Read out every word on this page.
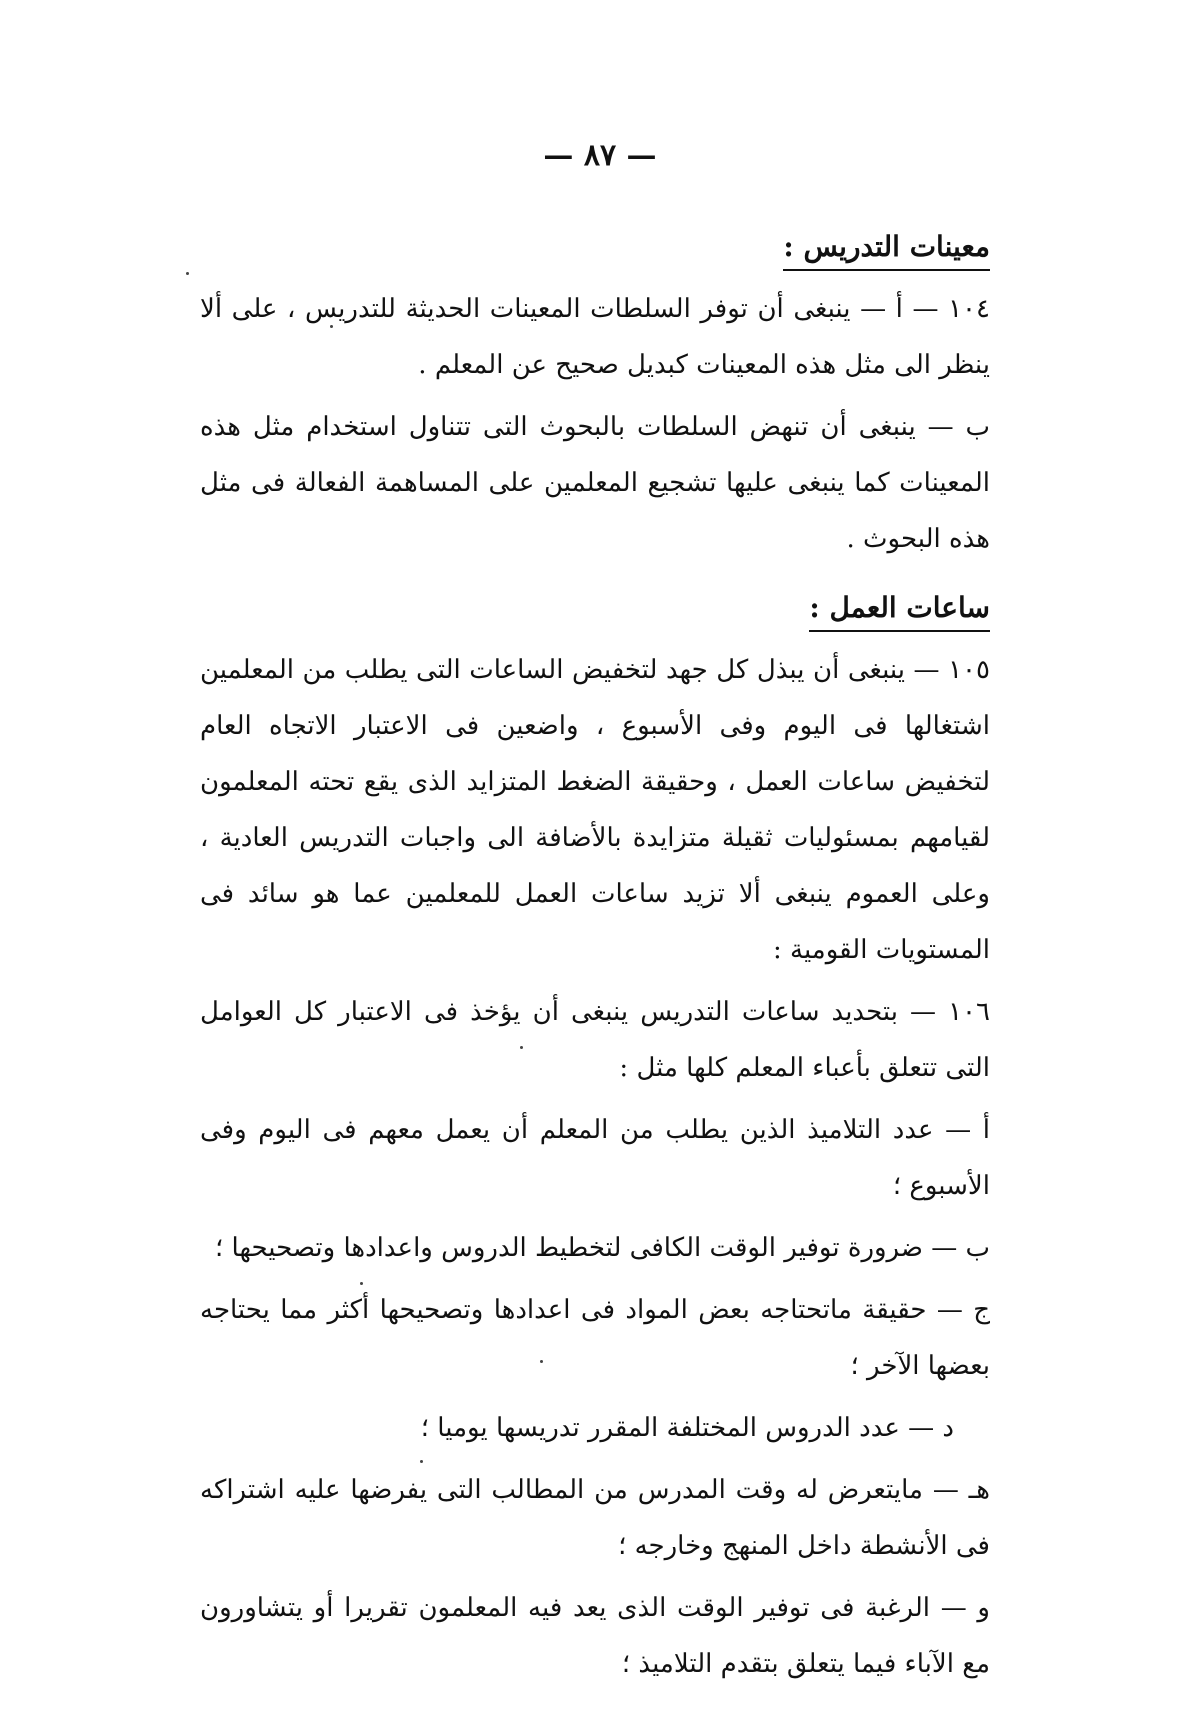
— ٨٧ —
معينات التدريس :

١٠٤ — أ — ينبغى أن توفر السلطات المعينات الحديثة للتدريس ، على ألا ينظر الى مثل هذه المعينات كبديل صحيح عن المعلم .

ب — ينبغى أن تنهض السلطات بالبحوث التى تتناول استخدام مثل هذه المعينات كما ينبغى عليها تشجيع المعلمين على المساهمة الفعالة فى مثل هذه البحوث .

ساعات العمل :

١٠٥ — ينبغى أن يبذل كل جهد لتخفيض الساعات التى يطلب من المعلمين اشتغالها فى اليوم وفى الأسبوع ، واضعين فى الاعتبار الاتجاه العام لتخفيض ساعات العمل ، وحقيقة الضغط المتزايد الذى يقع تحته المعلمون لقيامهم بمسئوليات ثقيلة متزايدة بالأضافة الى واجبات التدريس العادية ، وعلى العموم ينبغى ألا تزيد ساعات العمل للمعلمين عما هو سائد فى المستويات القومية :

١٠٦ — بتحديد ساعات التدريس ينبغى أن يؤخذ فى الاعتبار كل العوامل التى تتعلق بأعباء المعلم كلها مثل :

أ — عدد التلاميذ الذين يطلب من المعلم أن يعمل معهم فى اليوم وفى الأسبوع ؛

ب — ضرورة توفير الوقت الكافى لتخطيط الدروس واعدادها وتصحيحها ؛

ج — حقيقة ماتحتاجه بعض المواد فى اعدادها وتصحيحها أكثر مما يحتاجه بعضها الآخر ؛

د — عدد الدروس المختلفة المقرر تدريسها يوميا ؛

هـ — مايتعرض له وقت المدرس من المطالب التى يفرضها عليه اشتراكه فى الأنشطة داخل المنهج وخارجه ؛

و — الرغبة فى توفير الوقت الذى يعد فيه المعلمون تقريرا أو يتشاورون مع الآباء فيما يتعلق بتقدم التلاميذ ؛
